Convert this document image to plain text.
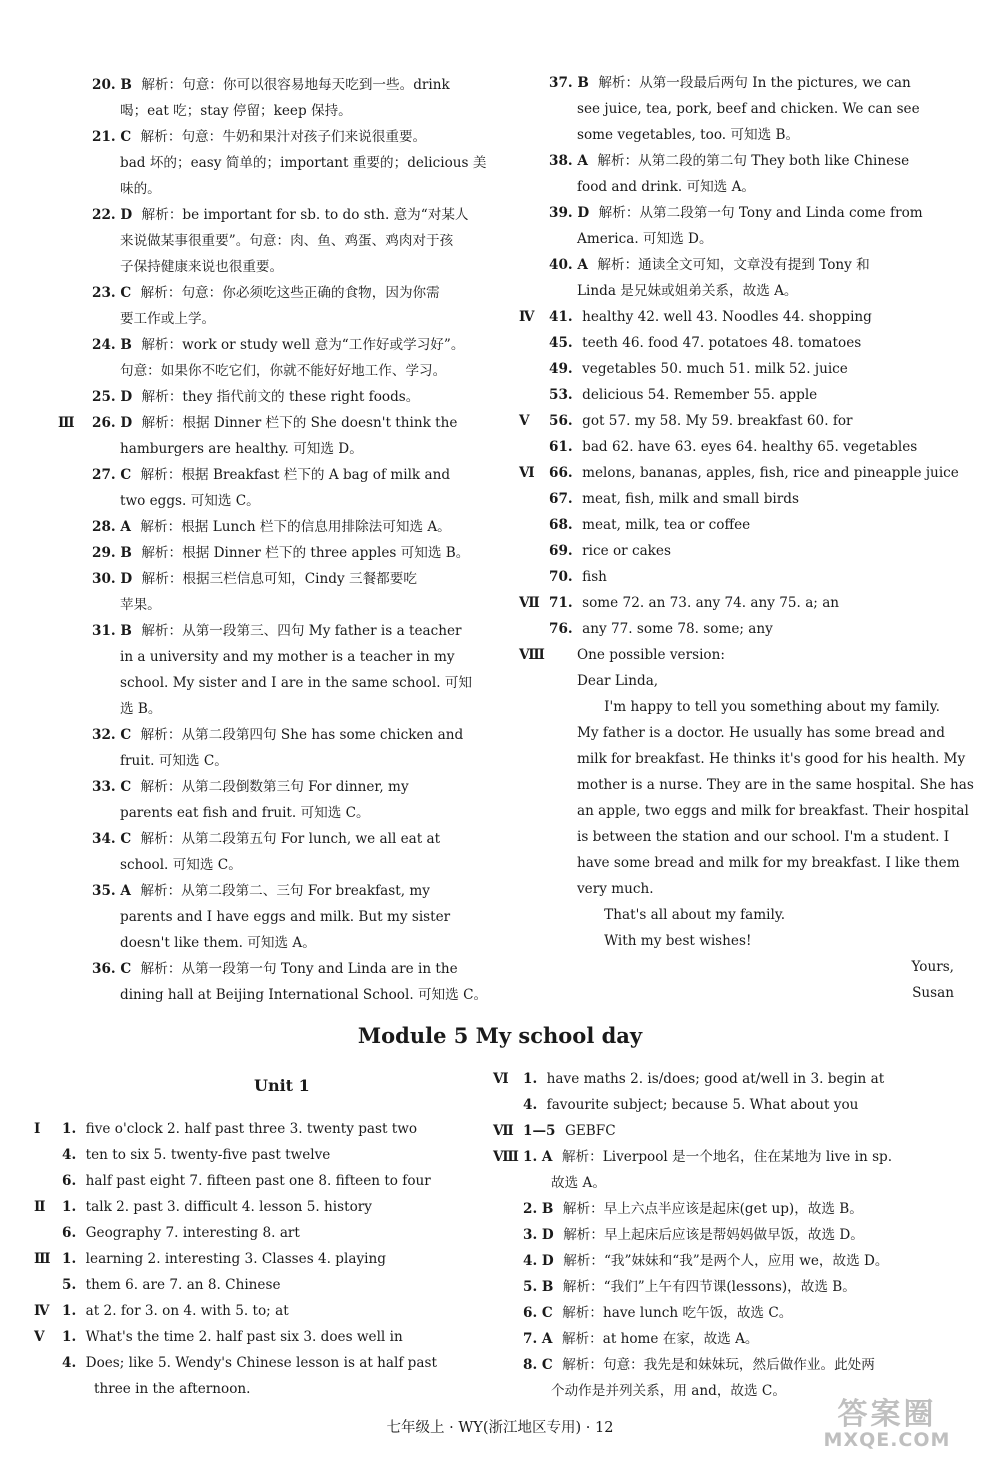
20. B  解析：句意：你可以很容易地每天吃到一些。drink
喝；eat 吃；stay 停留；keep 保持。
21. C  解析：句意：牛奶和果汁对孩子们来说很重要。
bad 坏的；easy 简单的；important 重要的；delicious 美
味的。
22. D  解析：be important for sb. to do sth. 意为“对某人
来说做某事很重要”。句意：肉、鱼、鸡蛋、鸡肉对于孩
子保持健康来说也很重要。
23. C  解析：句意：你必须吃这些正确的食物，因为你需
要工作或上学。
24. B  解析：work or study well 意为“工作好或学习好”。
句意：如果你不吃它们，你就不能好好地工作、学习。
25. D  解析：they 指代前文的 these right foods。
Ⅲ 26. D  解析：根据 Dinner 栏下的 She doesn't think the
hamburgers are healthy. 可知选 D。
27. C  解析：根据 Breakfast 栏下的 A bag of milk and
two eggs. 可知选 C。
28. A  解析：根据 Lunch 栏下的信息用排除法可知选 A。
29. B  解析：根据 Dinner 栏下的 three apples 可知选 B。
30. D  解析：根据三栏信息可知，Cindy 三餐都要吃
苹果。
31. B  解析：从第一段第三、四句 My father is a teacher
in a university and my mother is a teacher in my
school. My sister and I are in the same school. 可知
选 B。
32. C  解析：从第二段第四句 She has some chicken and
fruit. 可知选 C。
33. C  解析：从第二段倒数第三句 For dinner, my
parents eat fish and fruit. 可知选 C。
34. C  解析：从第二段第五句 For lunch, we all eat at
school. 可知选 C。
35. A  解析：从第二段第二、三句 For breakfast, my
parents and I have eggs and milk. But my sister
doesn't like them. 可知选 A。
36. C  解析：从第一段第一句 Tony and Linda are in the
dining hall at Beijing International School. 可知选 C。
37. B  解析：从第一段最后两句 In the pictures, we can
see juice, tea, pork, beef and chicken. We can see
some vegetables, too. 可知选 B。
38. A  解析：从第二段的第二句 They both like Chinese
food and drink. 可知选 A。
39. D  解析：从第二段第一句 Tony and Linda come from
America. 可知选 D。
40. A  解析：通读全文可知，文章没有提到 Tony 和
Linda 是兄妹或姐弟关系，故选 A。
Ⅳ 41.  healthy 42. well 43. Noodles 44. shopping
45.  teeth 46. food 47. potatoes 48. tomatoes
49.  vegetables 50. much 51. milk 52. juice
53.  delicious 54. Remember 55. apple
Ⅴ 56.  got 57. my 58. My 59. breakfast 60. for
61.  bad 62. have 63. eyes 64. healthy 65. vegetables
Ⅵ 66.  melons, bananas, apples, fish, rice and pineapple juice
67.  meat, fish, milk and small birds
68.  meat, milk, tea or coffee
69.  rice or cakes
70.  fish
Ⅶ 71.  some 72. an 73. any 74. any 75. a; an
76.  any 77. some 78. some; any
Ⅷ One possible version:
Dear Linda,
　　I'm happy to tell you something about my family.
My father is a doctor. He usually has some bread and
milk for breakfast. He thinks it's good for his health. My
mother is a nurse. They are in the same hospital. She has
an apple, two eggs and milk for breakfast. Their hospital
is between the station and our school. I'm a student. I
have some bread and milk for my breakfast. I like them
very much.
　　That's all about my family.
　　With my best wishes!
Yours,
Susan
Module 5 My school day
Unit 1
Ⅰ 1.  five o'clock 2. half past three 3. twenty past two
4.  ten to six 5. twenty-five past twelve
6.  half past eight 7. fifteen past one 8. fifteen to four
Ⅱ 1.  talk 2. past 3. difficult 4. lesson 5. history
6.  Geography 7. interesting 8. art
Ⅲ 1.  learning 2. interesting 3. Classes 4. playing
5.  them 6. are 7. an 8. Chinese
Ⅳ 1.  at 2. for 3. on 4. with 5. to; at
Ⅴ 1.  What's the time 2. half past six 3. does well in
4.  Does; like 5. Wendy's Chinese lesson is at half past
three in the afternoon.
Ⅵ 1.  have maths 2. is/does; good at/well in 3. begin at
4.  favourite subject; because 5. What about you
Ⅶ 1—5  GEBFC
Ⅷ 1. A  解析：Liverpool 是一个地名，住在某地为 live in sp.
故选 A。
2. B  解析：早上六点半应该是起床(get up)，故选 B。
3. D  解析：早上起床后应该是帮妈妈做早饭，故选 D。
4. D  解析：“我”妹妹和“我”是两个人，应用 we，故选 D。
5. B  解析：“我们”上午有四节课(lessons)，故选 B。
6. C  解析：have lunch 吃午饭，故选 C。
7. A  解析：at home 在家，故选 A。
8. C  解析：句意：我先是和妹妹玩，然后做作业。此处两
个动作是并列关系，用 and，故选 C。
七年级上 · WY(浙江地区专用) · 12	答案圈
MXQE.COM
